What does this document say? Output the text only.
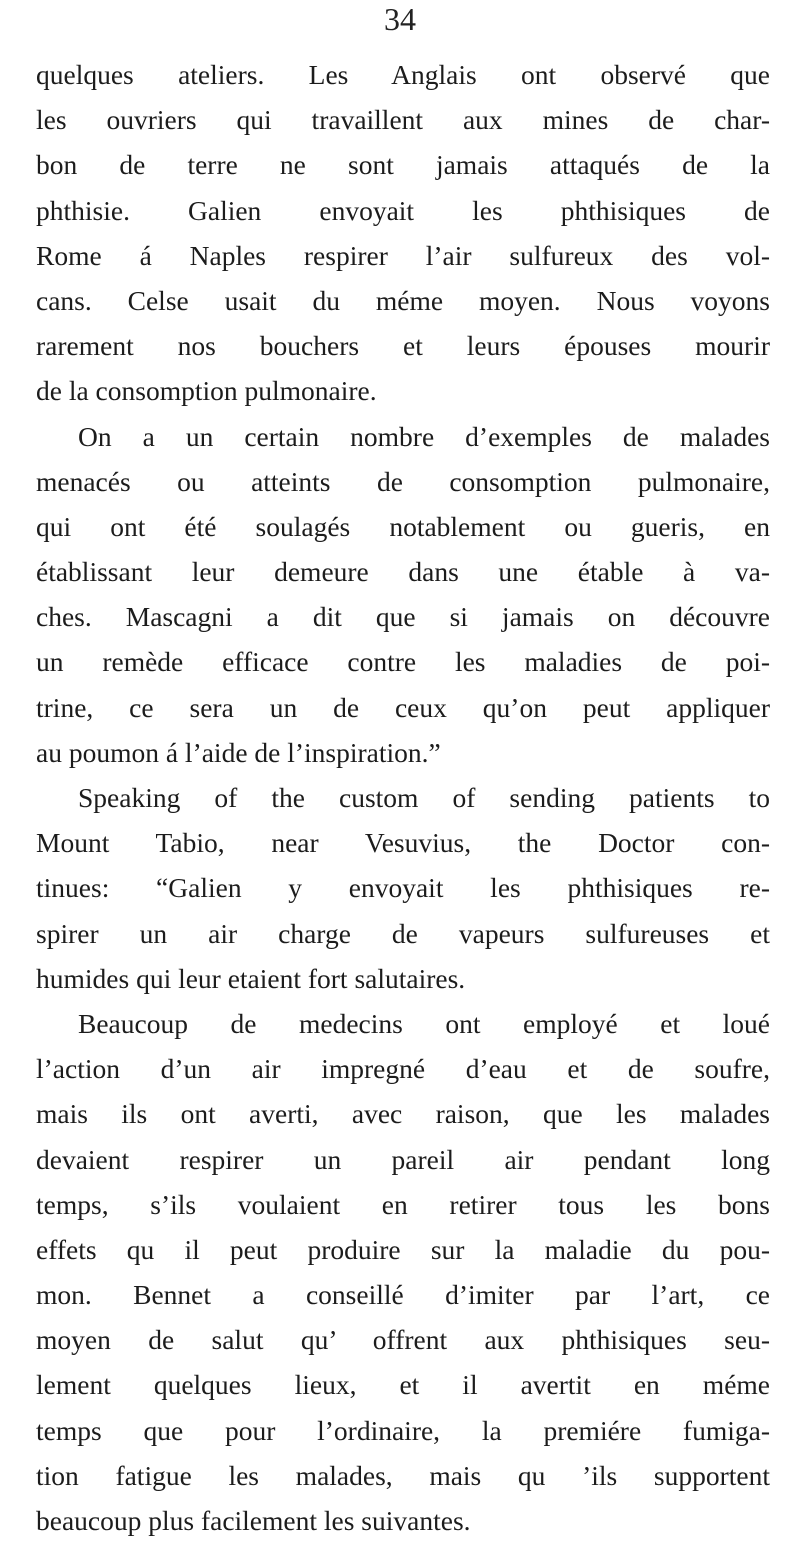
34
quelques ateliers. Les Anglais ont observé que
les ouvriers qui travaillent aux mines de char-
bon de terre ne sont jamais attaqués de la
phthisie. Galien envoyait les phthisiques de
Rome á Naples respirer l’air sulfureux des vol-
cans. Celse usait du méme moyen. Nous voyons
rarement nos bouchers et leurs épouses mourir
de la consomption pulmonaire.
On a un certain nombre d’exemples de malades
menacés ou atteints de consomption pulmonaire,
qui ont été soulagés notablement ou gueris, en
établissant leur demeure dans une étable à va-
ches. Mascagni a dit que si jamais on découvre
un remède efficace contre les maladies de poi-
trine, ce sera un de ceux qu’on peut appliquer
au poumon á l’aide de l’inspiration.”
Speaking of the custom of sending patients to
Mount Tabio, near Vesuvius, the Doctor con-
tinues: “Galien y envoyait les phthisiques re-
spirer un air charge de vapeurs sulfureuses et
humides qui leur etaient fort salutaires.
Beaucoup de medecins ont employé et loué
l’action d’un air impregné d’eau et de soufre,
mais ils ont averti, avec raison, que les malades
devaient respirer un pareil air pendant long
temps, s’ils voulaient en retirer tous les bons
effets qu il peut produire sur la maladie du pou-
mon. Bennet a conseillé d’imiter par l’art, ce
moyen de salut qu’ offrent aux phthisiques seu-
lement quelques lieux, et il avertit en méme
temps que pour l’ordinaire, la premiére fumiga-
tion fatigue les malades, mais qu ’ils supportent
beaucoup plus facilement les suivantes.
